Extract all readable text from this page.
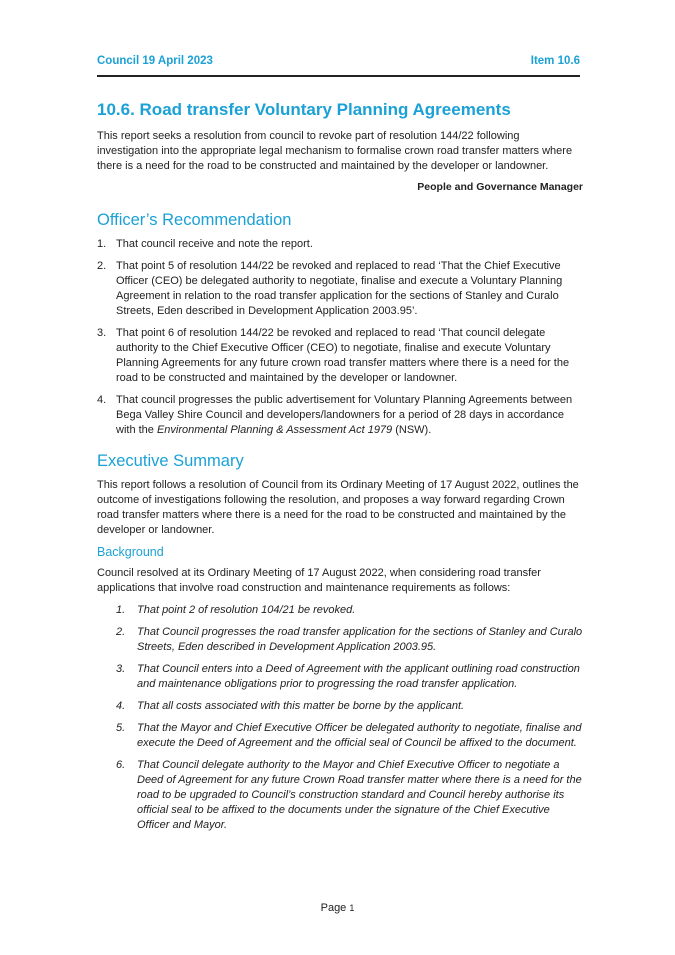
Council 19 April 2023	Item 10.6
10.6. Road transfer Voluntary Planning Agreements

This report seeks a resolution from council to revoke part of resolution 144/22 following investigation into the appropriate legal mechanism to formalise crown road transfer matters where there is a need for the road to be constructed and maintained by the developer or landowner.

People and Governance Manager

Officer’s Recommendation
1. That council receive and note the report.
2. That point 5 of resolution 144/22 be revoked and replaced to read ‘That the Chief Executive Officer (CEO) be delegated authority to negotiate, finalise and execute a Voluntary Planning Agreement in relation to the road transfer application for the sections of Stanley and Curalo Streets, Eden described in Development Application 2003.95’.
3. That point 6 of resolution 144/22 be revoked and replaced to read ‘That council delegate authority to the Chief Executive Officer (CEO) to negotiate, finalise and execute Voluntary Planning Agreements for any future crown road transfer matters where there is a need for the road to be constructed and maintained by the developer or landowner.
4. That council progresses the public advertisement for Voluntary Planning Agreements between Bega Valley Shire Council and developers/landowners for a period of 28 days in accordance with the Environmental Planning & Assessment Act 1979 (NSW).
Executive Summary

This report follows a resolution of Council from its Ordinary Meeting of 17 August 2022, outlines the outcome of investigations following the resolution, and proposes a way forward regarding Crown road transfer matters where there is a need for the road to be constructed and maintained by the developer or landowner.

Background

Council resolved at its Ordinary Meeting of 17 August 2022, when considering road transfer applications that involve road construction and maintenance requirements as follows:

1. That point 2 of resolution 104/21 be revoked.
2. That Council progresses the road transfer application for the sections of Stanley and Curalo Streets, Eden described in Development Application 2003.95.
3. That Council enters into a Deed of Agreement with the applicant outlining road construction and maintenance obligations prior to progressing the road transfer application.
4. That all costs associated with this matter be borne by the applicant.
5. That the Mayor and Chief Executive Officer be delegated authority to negotiate, finalise and execute the Deed of Agreement and the official seal of Council be affixed to the document.
6. That Council delegate authority to the Mayor and Chief Executive Officer to negotiate a Deed of Agreement for any future Crown Road transfer matter where there is a need for the road to be upgraded to Council’s construction standard and Council hereby authorise its official seal to be affixed to the documents under the signature of the Chief Executive Officer and Mayor.
Page 1
